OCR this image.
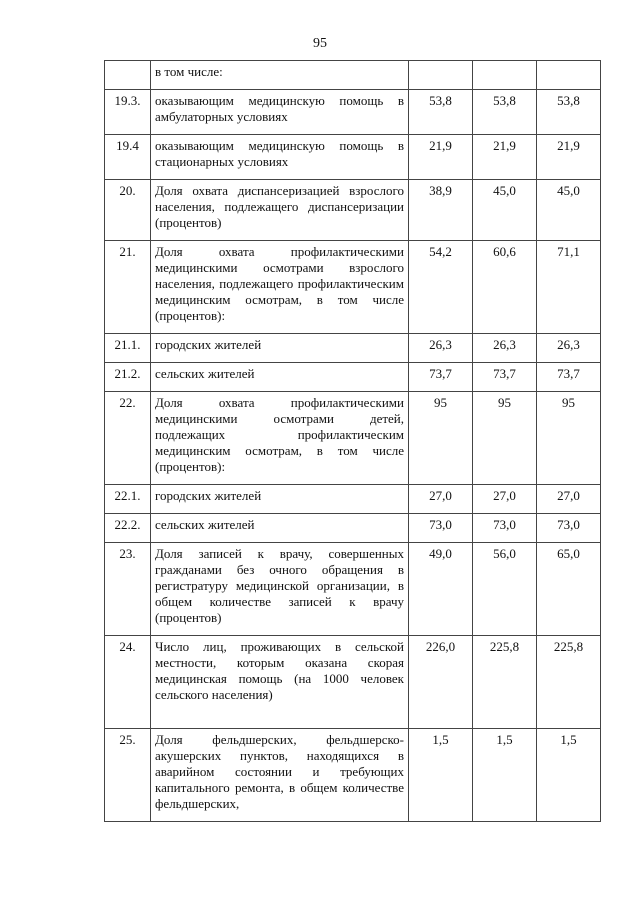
95
	в том числе:			
19.3.	оказывающим медицинскую помощь в амбулаторных условиях	53,8	53,8	53,8
19.4	оказывающим медицинскую помощь в стационарных условиях	21,9	21,9	21,9
20.	Доля охвата диспансеризацией взрослого населения, подлежащего диспансеризации (процентов)	38,9	45,0	45,0
21.	Доля охвата профилактическими медицинскими осмотрами взрослого населения, подлежащего профилактическим медицинским осмотрам, в том числе (процентов):	54,2	60,6	71,1
21.1.	городских жителей	26,3	26,3	26,3
21.2.	сельских жителей	73,7	73,7	73,7
22.	Доля охвата профилактическими медицинскими осмотрами детей, подлежащих профилактическим медицинским осмотрам, в том числе (процентов):	95	95	95
22.1.	городских жителей	27,0	27,0	27,0
22.2.	сельских жителей	73,0	73,0	73,0
23.	Доля записей к врачу, совершенных гражданами без очного обращения в регистратуру медицинской организации, в общем количестве записей к врачу (процентов)	49,0	56,0	65,0
24.	Число лиц, проживающих в сельской местности, которым оказана скорая медицинская помощь (на 1000 человек сельского населения)	226,0	225,8	225,8
25.	Доля фельдшерских, фельдшерско-акушерских пунктов, находящихся в аварийном состоянии и требующих капитального ремонта, в общем количестве фельдшерских,	1,5	1,5	1,5
